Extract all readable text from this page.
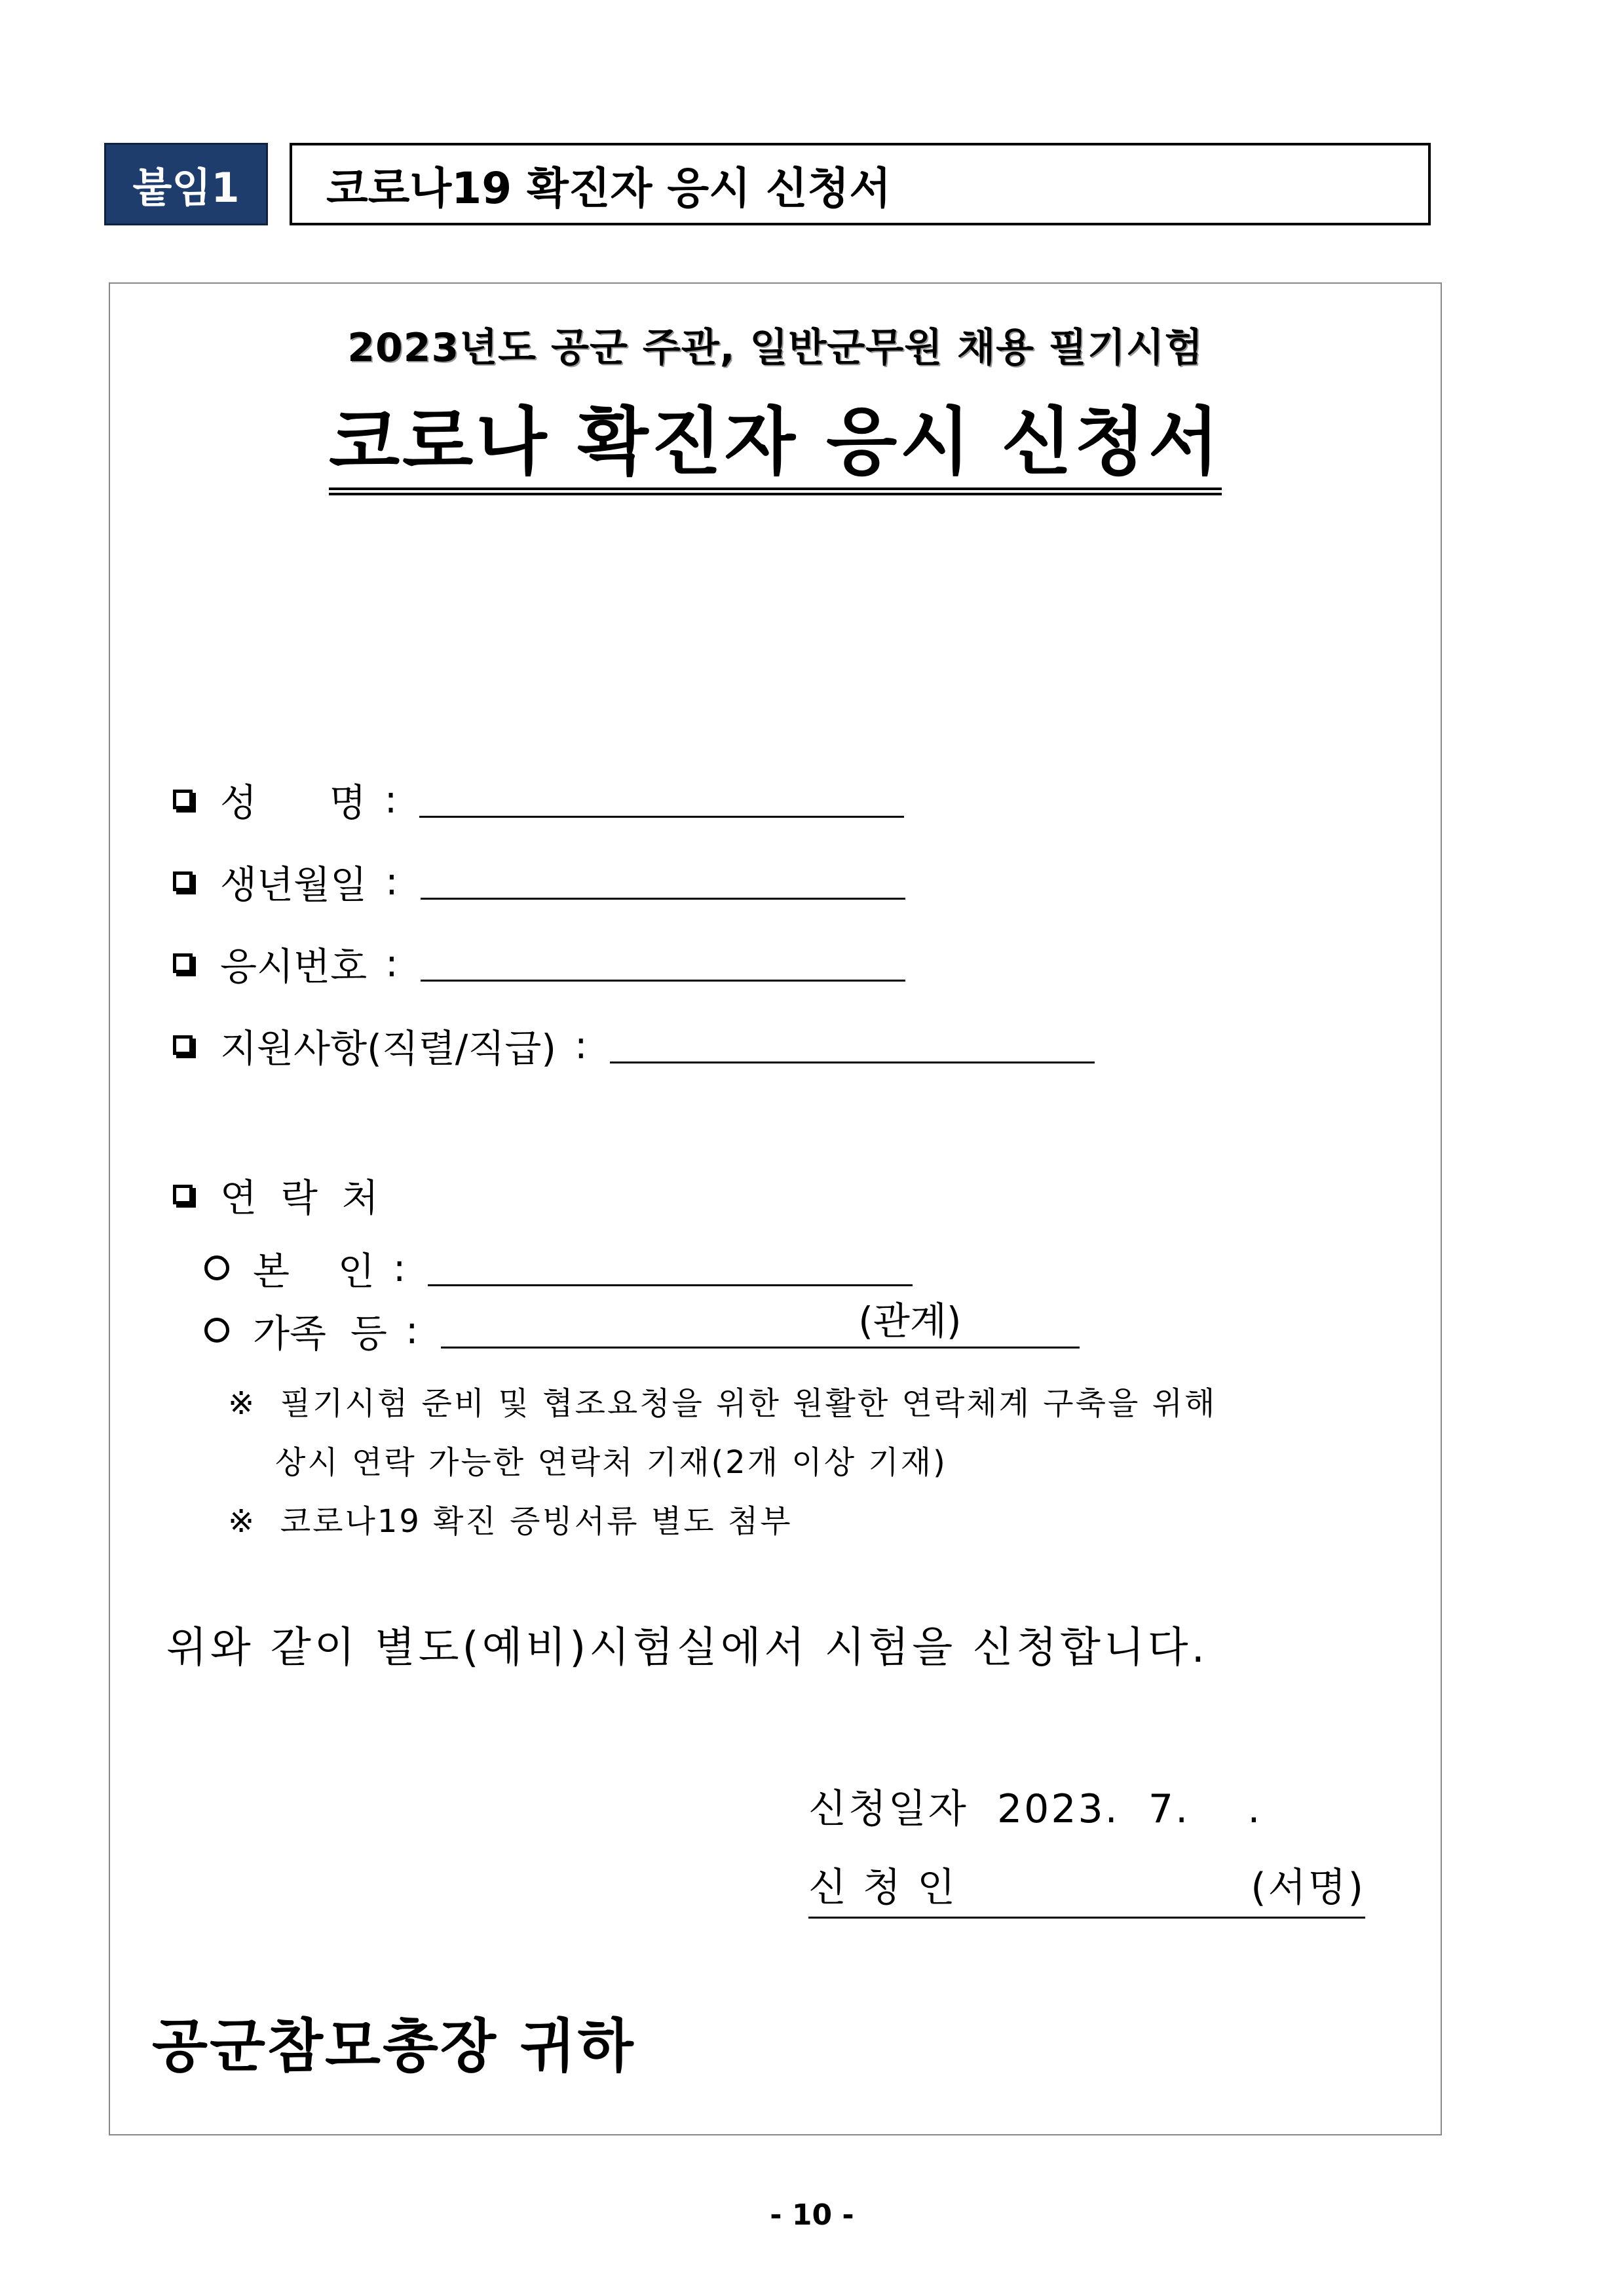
붙임1 코로나19 확진자 응시 신청서
2023년도 공군 주관, 일반군무원 채용 필기시험
코로나 확진자 응시 신청서
성      명 :
생년월일 :
응시번호 :
지원사항(직렬/직급) :
연  락  처
본    인 :
가족  등 :	(관계)
※ 필기시험 준비 및 협조요청을 위한 원활한 연락체계 구축을 위해
상시 연락 가능한 연락처 기재(2개 이상 기재)
※ 코로나19 확진 증빙서류 별도 첨부
위와 같이 별도(예비)시험실에서 시험을 신청합니다.
신청일자  2023.  7.    .
신 청 인	(서명)
공군참모총장 귀하
- 10 -
